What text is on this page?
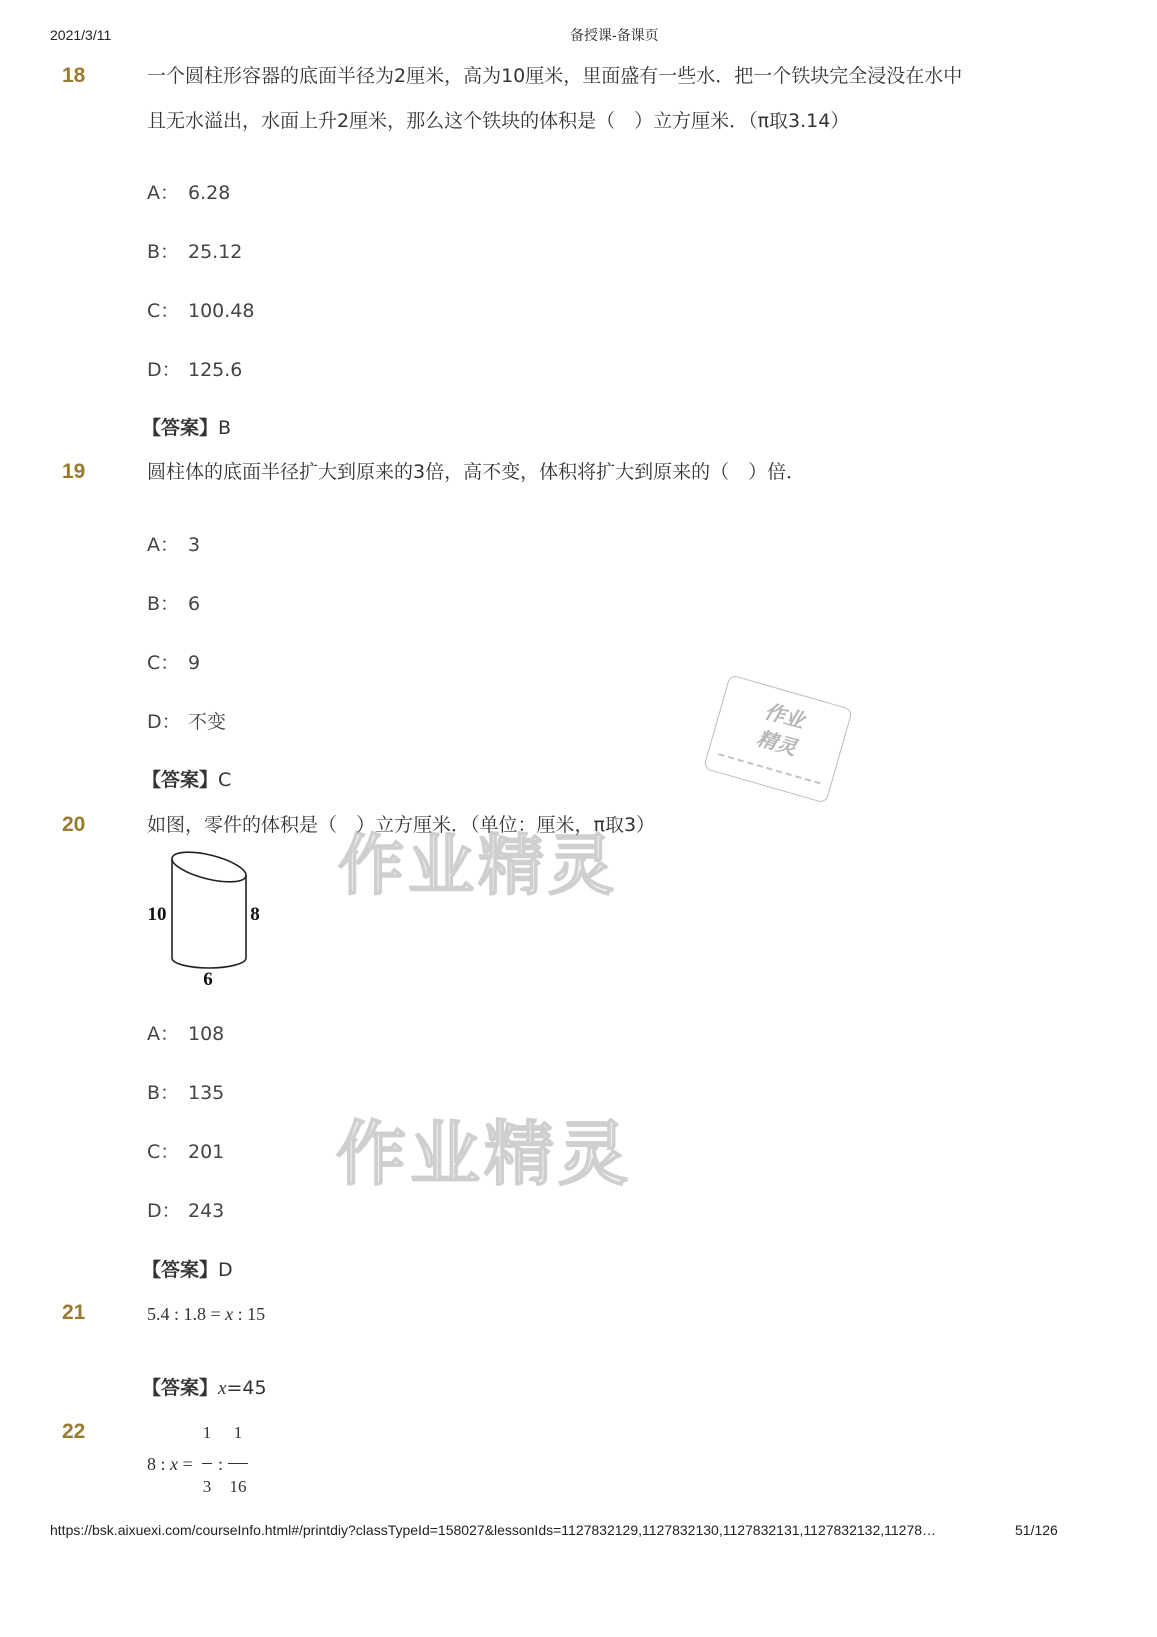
作业精灵
作业精灵
作业
精灵
2021/3/11	备授课-备课页
18	一个圆柱形容器的底面半径为2厘米，高为10厘米，里面盛有一些水．把一个铁块完全浸没在水中
且无水溢出，水面上升2厘米，那么这个铁块的体积是（　）立方厘米．（π取3.14）
A： 6.28
B： 25.12
C： 100.48
D： 125.6
【答案】B
19	圆柱体的底面半径扩大到原来的3倍，高不变，体积将扩大到原来的（　）倍．
A： 3
B： 6
C： 9
D： 不变
【答案】C
20	如图，零件的体积是（　）立方厘米．（单位：厘米，π取3）
10	8
6
A： 108
B： 135
C： 201
D： 243
【答案】D
21	5.4 : 1.8 = x : 15
【答案】x=45
22
8 : x =
1
3
:
1
16
https://bsk.aixuexi.com/courseInfo.html#/printdiy?classTypeId=158027&lessonIds=1127832129,1127832130,1127832131,1127832132,11278…	51/126
